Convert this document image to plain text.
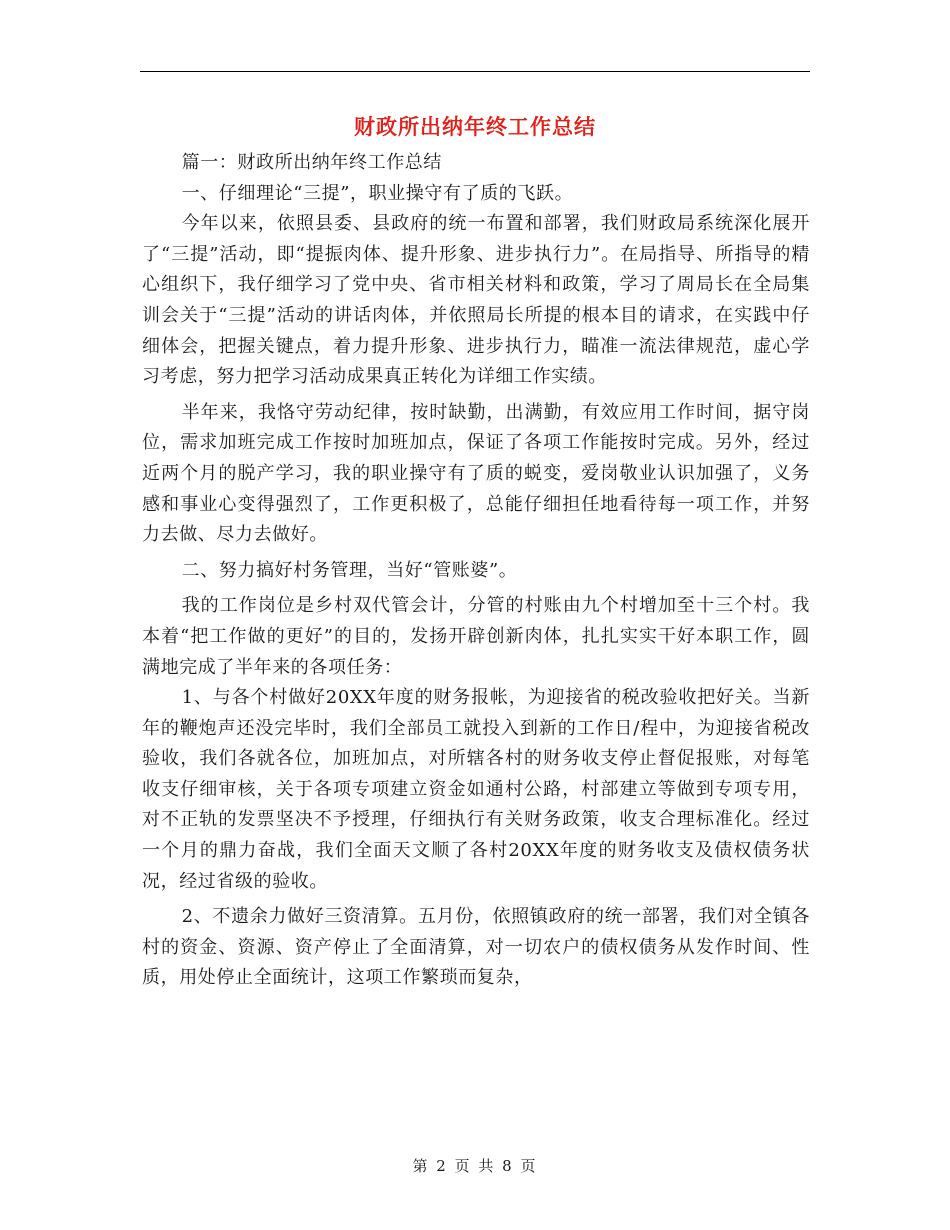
财政所出纳年终工作总结

篇一：财政所出纳年终工作总结

一、仔细理论“三提”，职业操守有了质的飞跃。

今年以来，依照县委、县政府的统一布置和部署，我们财政局系统深化展开了“三提”活动，即“提振肉体、提升形象、进步执行力”。在局指导、所指导的精心组织下，我仔细学习了党中央、省市相关材料和政策，学习了周局长在全局集训会关于“三提”活动的讲话肉体，并依照局长所提的根本目的请求，在实践中仔细体会，把握关键点，着力提升形象、进步执行力，瞄准一流法律规范，虚心学习考虑，努力把学习活动成果真正转化为详细工作实绩。

半年来，我恪守劳动纪律，按时缺勤，出满勤，有效应用工作时间，据守岗位，需求加班完成工作按时加班加点，保证了各项工作能按时完成。另外，经过近两个月的脱产学习，我的职业操守有了质的蜕变，爱岗敬业认识加强了，义务感和事业心变得强烈了，工作更积极了，总能仔细担任地看待每一项工作，并努力去做、尽力去做好。

二、努力搞好村务管理，当好“管账婆”。

我的工作岗位是乡村双代管会计，分管的村账由九个村增加至十三个村。我本着“把工作做的更好”的目的，发扬开辟创新肉体，扎扎实实干好本职工作，圆满地完成了半年来的各项任务：

1、与各个村做好20XX年度的财务报帐，为迎接省的税改验收把好关。当新年的鞭炮声还没完毕时，我们全部员工就投入到新的工作日/程中，为迎接省税改验收，我们各就各位，加班加点，对所辖各村的财务收支停止督促报账，对每笔收支仔细审核，关于各项专项建立资金如通村公路，村部建立等做到专项专用，对不正轨的发票坚决不予授理，仔细执行有关财务政策，收支合理标准化。经过一个月的鼎力奋战，我们全面天文顺了各村20XX年度的财务收支及债权债务状况，经过省级的验收。

2、不遗余力做好三资清算。五月份，依照镇政府的统一部署，我们对全镇各村的资金、资源、资产停止了全面清算，对一切农户的债权债务从发作时间、性质，用处停止全面统计，这项工作繁琐而复杂，

第 2 页 共 8 页
